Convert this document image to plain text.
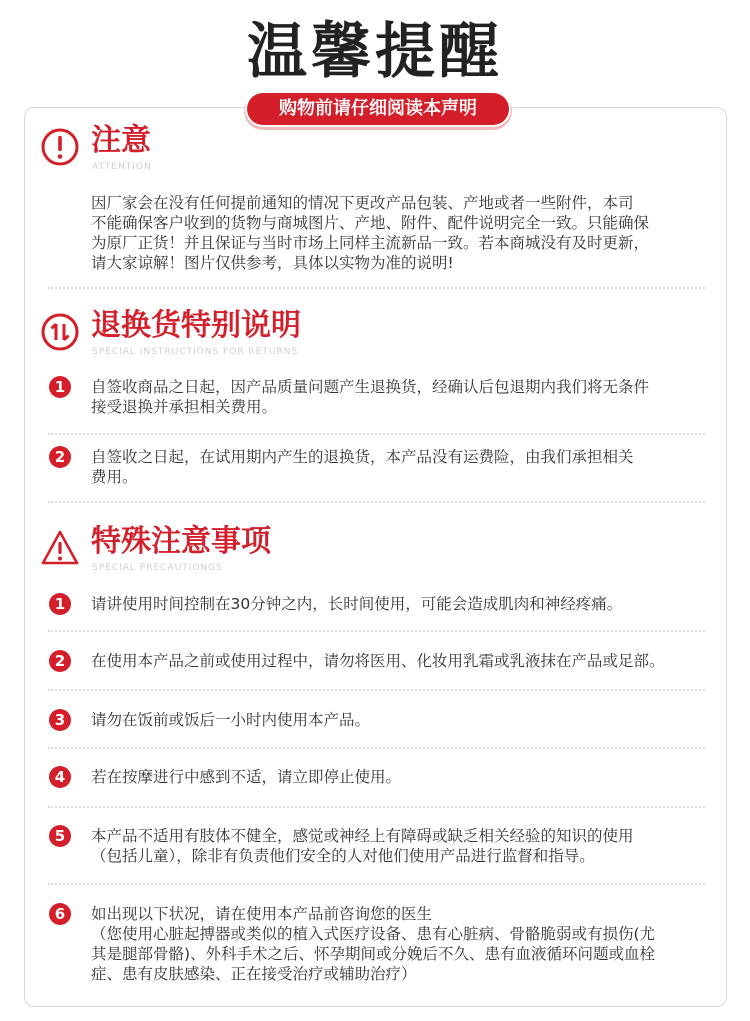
温馨提醒
购物前请仔细阅读本声明
注意
ATTENTION
因厂家会在没有任何提前通知的情况下更改产品包装、产地或者一些附件，本司
不能确保客户收到的货物与商城图片、产地、附件、配件说明完全一致。只能确保
为原厂正货！并且保证与当时市场上同样主流新品一致。若本商城没有及时更新，
请大家谅解！图片仅供参考，具体以实物为准的说明!
退换货特别说明
SPECIAL INSTRUCTIONS FOR RETURNS
1	自签收商品之日起，因产品质量问题产生退换货，经确认后包退期内我们将无条件
接受退换并承担相关费用。
2	自签收之日起，在试用期内产生的退换货，本产品没有运费险，由我们承担相关
费用。
特殊注意事项
SPECIAL PRECAUTIONGS
1	请讲使用时间控制在30分钟之内，长时间使用，可能会造成肌肉和神经疼痛。
2	在使用本产品之前或使用过程中，请勿将医用、化妆用乳霜或乳液抹在产品或足部。
3	请勿在饭前或饭后一小时内使用本产品。
4	若在按摩进行中感到不适，请立即停止使用。
5	本产品不适用有肢体不健全，感觉或神经上有障碍或缺乏相关经验的知识的使用
（包括儿童），除非有负责他们安全的人对他们使用产品进行监督和指导。
6	如出现以下状况，请在使用本产品前咨询您的医生
（您使用心脏起搏器或类似的植入式医疗设备、患有心脏病、骨骼脆弱或有损伤(尤
其是腿部骨骼)、外科手术之后、怀孕期间或分娩后不久、患有血液循环问题或血栓
症、患有皮肤感染、正在接受治疗或辅助治疗）
